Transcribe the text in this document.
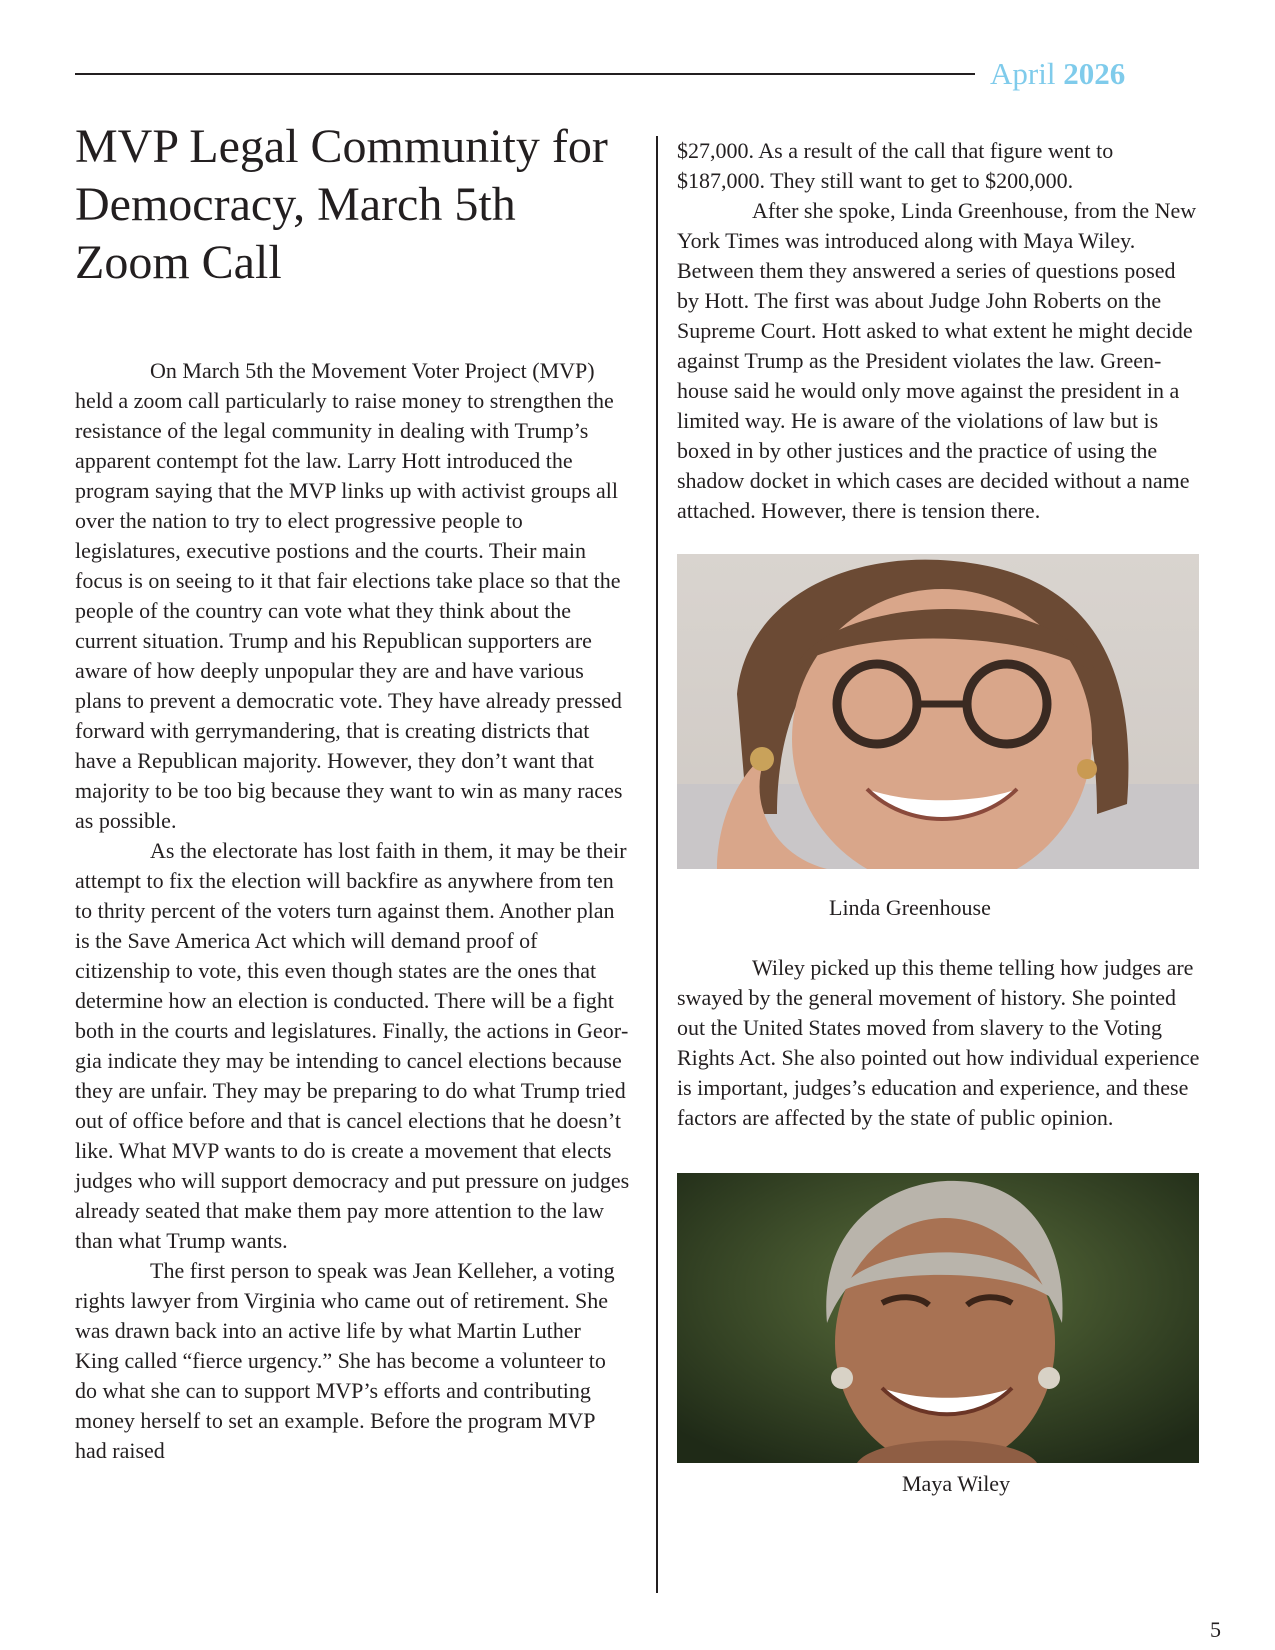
April 2026
MVP Legal Community for Democracy, March 5th Zoom Call

On March 5th the Movement Voter Project (MVP) held a zoom call particularly to raise money to strengthen the resistance of the legal community in dealing with Trump’s apparent contempt fot the law. Larry Hott introduced the program saying that the MVP links up with activist groups all over the nation to try to elect progressive people to legislatures, executive postions and the courts. Their main focus is on seeing to it that fair elections take place so that the people of the country can vote what they think about the current situation. Trump and his Republican supporters are aware of how deeply unpopular they are and have various plans to prevent a democratic vote. They have already pressed forward with gerrymandering, that is creating districts that have a Republican majority. However, they don’t want that majority to be too big because they want to win as many races as possible.

As the electorate has lost faith in them, it may be their attempt to fix the election will backfire as anywhere from ten to thrity percent of the voters turn against them. Another plan is the Save America Act which will demand proof of citizenship to vote, this even though states are the ones that determine how an election is conducted. There will be a fight both in the courts and legislatures. Finally, the actions in Georgia indicate they may be intending to cancel elections because they are unfair. They may be preparing to do what Trump tried out of office before and that is cancel elections that he doesn’t like. What MVP wants to do is create a movement that elects judges who will support democracy and put pressure on judges already seated that make them pay more attention to the law than what Trump wants.

The first person to speak was Jean Kelleher, a voting rights lawyer from Virginia who came out of retirement. She was drawn back into an active life by what Martin Luther King called “fierce urgency.” She has become a volunteer to do what she can to support MVP’s efforts and contributing money herself to set an example. Before the program MVP had raised

$27,000. As a result of the call that figure went to $187,000. They still want to get to $200,000.

After she spoke, Linda Greenhouse, from the New York Times was introduced along with Maya Wiley. Between them they answered a series of questions posed by Hott. The first was about Judge John Roberts on the Supreme Court. Hott asked to what extent he might decide against Trump as the President violates the law. Greenhouse said he would only move against the president in a limited way. He is aware of the violations of law but is boxed in by other justices and the practice of using the shadow docket in which cases are decided without a name attached. However, there is tension there.

Linda Greenhouse

Wiley picked up this theme telling how judges are swayed by the general movement of history. She pointed out the United States moved from slavery to the Voting Rights Act. She also pointed out how individual experience is important, judges’s education and experience, and these factors are affected by the state of public opinion.

Maya Wiley

5
